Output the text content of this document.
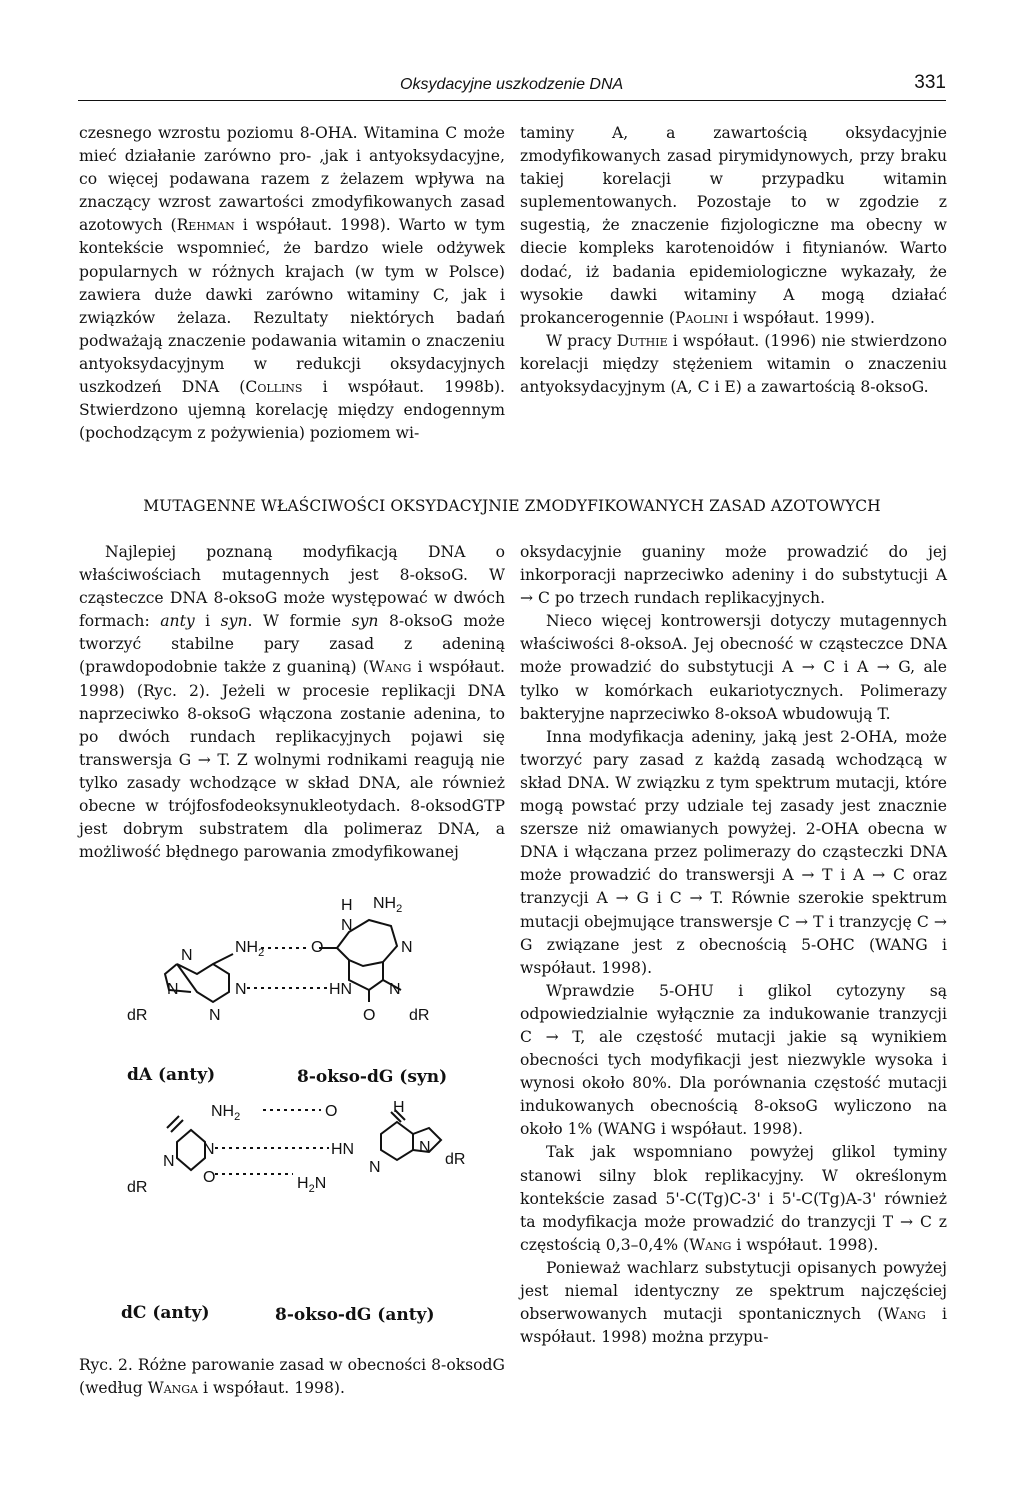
Oksydacyjne uszkodzenie DNA	331

czesnego wzrostu poziomu 8-OHA. Witamina C może mieć działanie zarówno pro- ,jak i antyoksydacyjne, co więcej podawana razem z żelazem wpływa na znaczący wzrost zawartości zmodyfikowanych zasad azotowych (Rehman i współaut. 1998). Warto w tym kontekście wspomnieć, że bardzo wiele odżywek popularnych w różnych krajach (w tym w Polsce) zawiera duże dawki zarówno witaminy C, jak i związków żelaza. Rezultaty niektórych badań podważają znaczenie podawania witamin o znaczeniu antyoksydacyjnym w redukcji oksydacyjnych uszkodzeń DNA (Collins i współaut. 1998b). Stwierdzono ujemną korelację między endogennym (pochodzącym z pożywienia) poziomem wi-

taminy A, a zawartością oksydacyjnie zmodyfikowanych zasad pirymidynowych, przy braku takiej korelacji w przypadku witamin suplementowanych. Pozostaje to w zgodzie z sugestią, że znaczenie fizjologiczne ma obecny w diecie kompleks karotenoidów i fitynianów. Warto dodać, iż badania epidemiologiczne wykazały, że wysokie dawki witaminy A mogą działać prokancerogennie (Paolini i współaut. 1999).

W pracy Duthie i współaut. (1996) nie stwierdzono korelacji między stężeniem witamin o znaczeniu antyoksydacyjnym (A, C i E) a zawartością 8-oksoG.

MUTAGENNE WŁAŚCIWOŚCI OKSYDACYJNIE ZMODYFIKOWANYCH ZASAD AZOTOWYCH

Najlepiej poznaną modyfikacją DNA o właściwościach mutagennych jest 8-oksoG. W cząsteczce DNA 8-oksoG może występować w dwóch formach: anty i syn. W formie syn 8-oksoG może tworzyć stabilne pary zasad z adeniną (prawdopodobnie także z guaniną) (Wang i współaut. 1998) (Ryc. 2). Jeżeli w procesie replikacji DNA naprzeciwko 8-oksoG włączona zostanie adenina, to po dwóch rundach replikacyjnych pojawi się transwersja G → T. Z wolnymi rodnikami reagują nie tylko zasady wchodzące w skład DNA, ale również obecne w trójfosfodeoksynukleotydach. 8-oksodGTP jest dobrym substratem dla polimeraz DNA, a możliwość błędnego parowania zmodyfikowanej

H $NH_2$
N
$NH_2$	O	N
N
N	N	HN N
dR	N	dR
O
dA (anty)	8-okso-dG (syn)
$NH_2$	O	H
N	HN	N
dR
N	N
dR
O	$H_2N$
dC (anty)	8-okso-dG (anty)
Ryc. 2. Różne parowanie zasad w obecności 8-oksodG (według Wanga i współaut. 1998).

oksydacyjnie guaniny może prowadzić do jej inkorporacji naprzeciwko adeniny i do substytucji A → C po trzech rundach replikacyjnych.

Nieco więcej kontrowersji dotyczy mutagennych właściwości 8-oksoA. Jej obecność w cząsteczce DNA może prowadzić do substytucji A → C i A → G, ale tylko w komórkach eukariotycznych. Polimerazy bakteryjne naprzeciwko 8-oksoA wbudowują T.

Inna modyfikacja adeniny, jaką jest 2-OHA, może tworzyć pary zasad z każdą zasadą wchodzącą w skład DNA. W związku z tym spektrum mutacji, które mogą powstać przy udziale tej zasady jest znacznie szersze niż omawianych powyżej. 2-OHA obecna w DNA i włączana przez polimerazy do cząsteczki DNA może prowadzić do transwersji A → T i A → C oraz tranzycji A → G i C → T. Równie szerokie spektrum mutacji obejmujące transwersje C → T i tranzycję C → G związane jest z obecnością 5-OHC (WANG i współaut. 1998).

Wprawdzie 5-OHU i glikol cytozyny są odpowiedzialnie wyłącznie za indukowanie tranzycji C → T, ale częstość mutacji jakie są wynikiem obecności tych modyfikacji jest niezwykle wysoka i wynosi około 80%. Dla porównania częstość mutacji indukowanych obecnością 8-oksoG wyliczono na około 1% (WANG i współaut. 1998).

Tak jak wspomniano powyżej glikol tyminy stanowi silny blok replikacyjny. W określonym kontekście zasad 5'-C(Tg)C-3' i 5'-C(Tg)A-3' również ta modyfikacja może prowadzić do tranzycji T → C z częstością 0,3–0,4% (Wang i współaut. 1998).

Ponieważ wachlarz substytucji opisanych powyżej jest niemal identyczny ze spektrum najczęściej obserwowanych mutacji spontanicznych (Wang i współaut. 1998) można przypu-
